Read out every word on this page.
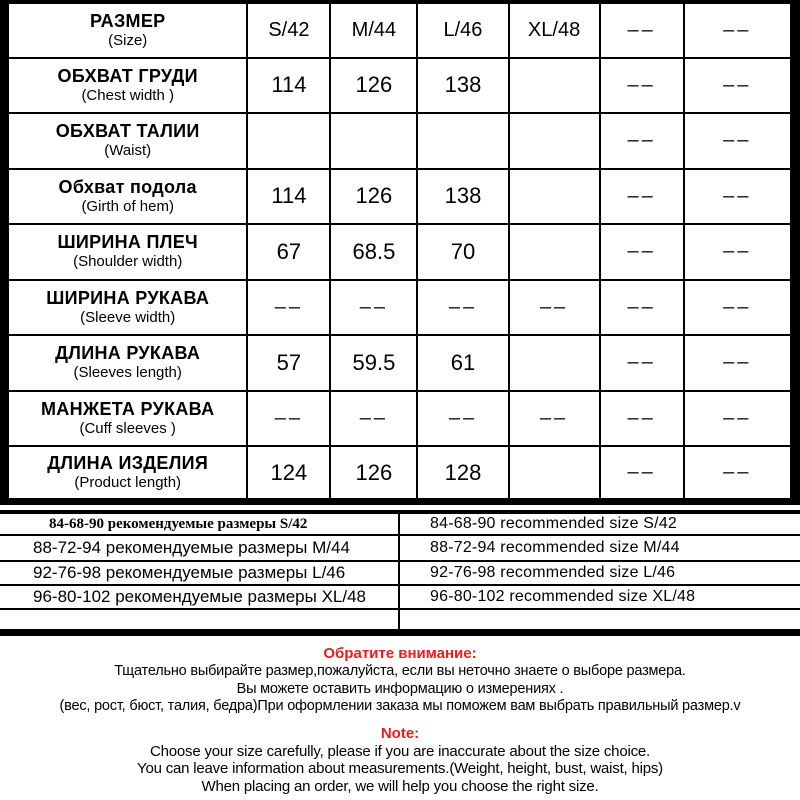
РАЗМЕР
(Size)	S/42	M/44	L/46	XL/48	––	––

ОБХВАТ ГРУДИ
(Chest width )	114	126	138		––	––

ОБХВАТ ТАЛИИ
(Waist)					––	––

Обхват подола
(Girth of hem)	114	126	138		––	––

ШИРИНА ПЛЕЧ
(Shoulder width)	67	68.5	70		––	––

ШИРИНА РУКАВА
(Sleeve width)	––	––	––	––	––	––

ДЛИНА РУКАВА
(Sleeves length)	57	59.5	61		––	––

МАНЖЕТА РУКАВА
(Cuff sleeves )	––	––	––	––	––	––

ДЛИНА ИЗДЕЛИЯ
(Product length)	124	126	128		––	––
84-68-90 рекомендуемые размеры S/42	84-68-90 recommended size S/42
88-72-94 рекомендуемые размеры M/44	88-72-94 recommended size M/44
92-76-98 рекомендуемые размеры L/46	92-76-98 recommended size L/46
96-80-102 рекомендуемые размеры XL/48	96-80-102 recommended size XL/48
Обратите внимание:
Тщательно выбирайте размер,пожалуйста, если вы неточно знаете о выборе размера.
Вы можете оставить информацию о измерениях .
(вес, рост, бюст, талия, бедра)При оформлении заказа мы поможем вам выбрать правильный размер.v
Note:
Choose your size carefully, please if you are inaccurate about the size choice.
You can leave information about measurements.(Weight, height, bust, waist, hips)
When placing an order, we will help you choose the right size.
